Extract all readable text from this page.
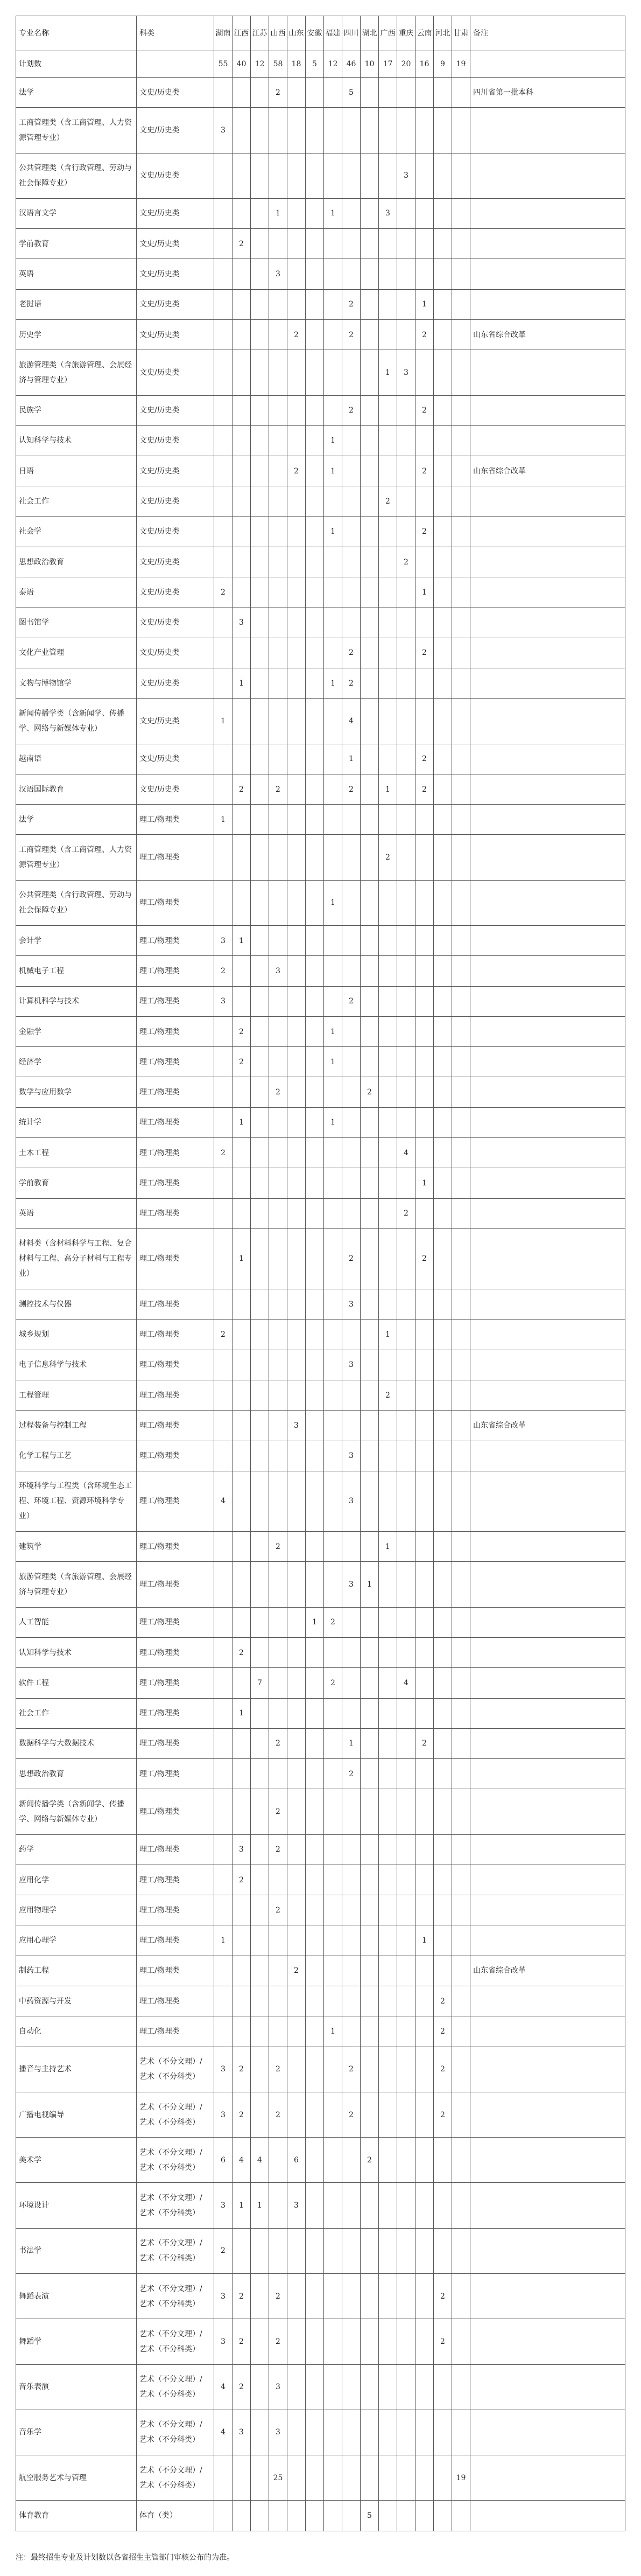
专业名称	科类	湖南	江西	江苏	山西	山东	安徽	福建	四川	湖北	广西	重庆	云南	河北	甘肃	备注
计划数		55	40	12	58	18	5	12	46	10	17	20	16	9	19	
法学	文史/历史类				2				5							四川省第一批本科
工商管理类（含工商管理、人力资源管理专业）	文史/历史类	3														
公共管理类（含行政管理、劳动与社会保障专业）	文史/历史类											3				
汉语言文学	文史/历史类				1			1			3					
学前教育	文史/历史类		2													
英语	文史/历史类				3											
老挝语	文史/历史类								2				1			
历史学	文史/历史类					2			2				2			山东省综合改革
旅游管理类（含旅游管理、会展经济与管理专业）	文史/历史类										1	3				
民族学	文史/历史类								2				2			
认知科学与技术	文史/历史类							1								
日语	文史/历史类					2		1					2			山东省综合改革
社会工作	文史/历史类										2					
社会学	文史/历史类							1					2			
思想政治教育	文史/历史类											2				
泰语	文史/历史类	2											1			
图书馆学	文史/历史类		3													
文化产业管理	文史/历史类								2				2			
文物与博物馆学	文史/历史类		1					1	2							
新闻传播学类（含新闻学、传播学、网络与新媒体专业）	文史/历史类	1							4							
越南语	文史/历史类								1				2			
汉语国际教育	文史/历史类		2		2				2		1		2			
法学	理工/物理类	1														
工商管理类（含工商管理、人力资源管理专业）	理工/物理类										2					
公共管理类（含行政管理、劳动与社会保障专业）	理工/物理类							1								
会计学	理工/物理类	3	1													
机械电子工程	理工/物理类	2			3											
计算机科学与技术	理工/物理类	3							2							
金融学	理工/物理类		2					1								
经济学	理工/物理类		2					1								
数学与应用数学	理工/物理类				2					2						
统计学	理工/物理类		1					1								
土木工程	理工/物理类	2										4				
学前教育	理工/物理类												1			
英语	理工/物理类											2				
材料类（含材料科学与工程、复合材料与工程、高分子材料与工程专业）	理工/物理类		1						2				2			
测控技术与仪器	理工/物理类								3							
城乡规划	理工/物理类	2									1					
电子信息科学与技术	理工/物理类								3							
工程管理	理工/物理类										2					
过程装备与控制工程	理工/物理类					3										山东省综合改革
化学工程与工艺	理工/物理类								3							
环境科学与工程类（含环境生态工程、环境工程、资源环境科学专业）	理工/物理类	4							3							
建筑学	理工/物理类				2						1					
旅游管理类（含旅游管理、会展经济与管理专业）	理工/物理类								3	1						
人工智能	理工/物理类						1	2								
认知科学与技术	理工/物理类		2													
软件工程	理工/物理类			7				2				4				
社会工作	理工/物理类		1													
数据科学与大数据技术	理工/物理类				2				1				2			
思想政治教育	理工/物理类								2							
新闻传播学类（含新闻学、传播学、网络与新媒体专业）	理工/物理类				2											
药学	理工/物理类		3		2											
应用化学	理工/物理类		2													
应用物理学	理工/物理类				2											
应用心理学	理工/物理类	1											1			
制药工程	理工/物理类					2										山东省综合改革
中药资源与开发	理工/物理类													2		
自动化	理工/物理类							1						2		
播音与主持艺术	艺术（不分文理）/ 艺术（不分科类）	3	2		2				2					2		
广播电视编导	艺术（不分文理）/ 艺术（不分科类）	3	2		2				2					2		
美术学	艺术（不分文理）/ 艺术（不分科类）	6	4	4		6				2						
环境设计	艺术（不分文理）/ 艺术（不分科类）	3	1	1		3										
书法学	艺术（不分文理）/ 艺术（不分科类）	2														
舞蹈表演	艺术（不分文理）/ 艺术（不分科类）	3	2		2									2		
舞蹈学	艺术（不分文理）/ 艺术（不分科类）	3	2		2									2		
音乐表演	艺术（不分文理）/ 艺术（不分科类）	4	2		3											
音乐学	艺术（不分文理）/ 艺术（不分科类）	4	3		3											
航空服务艺术与管理	艺术（不分文理）/ 艺术（不分科类）				25										19	
体育教育	体育（类）									5						
注：最终招生专业及计划数以各省招生主管部门审核公布的为准。
